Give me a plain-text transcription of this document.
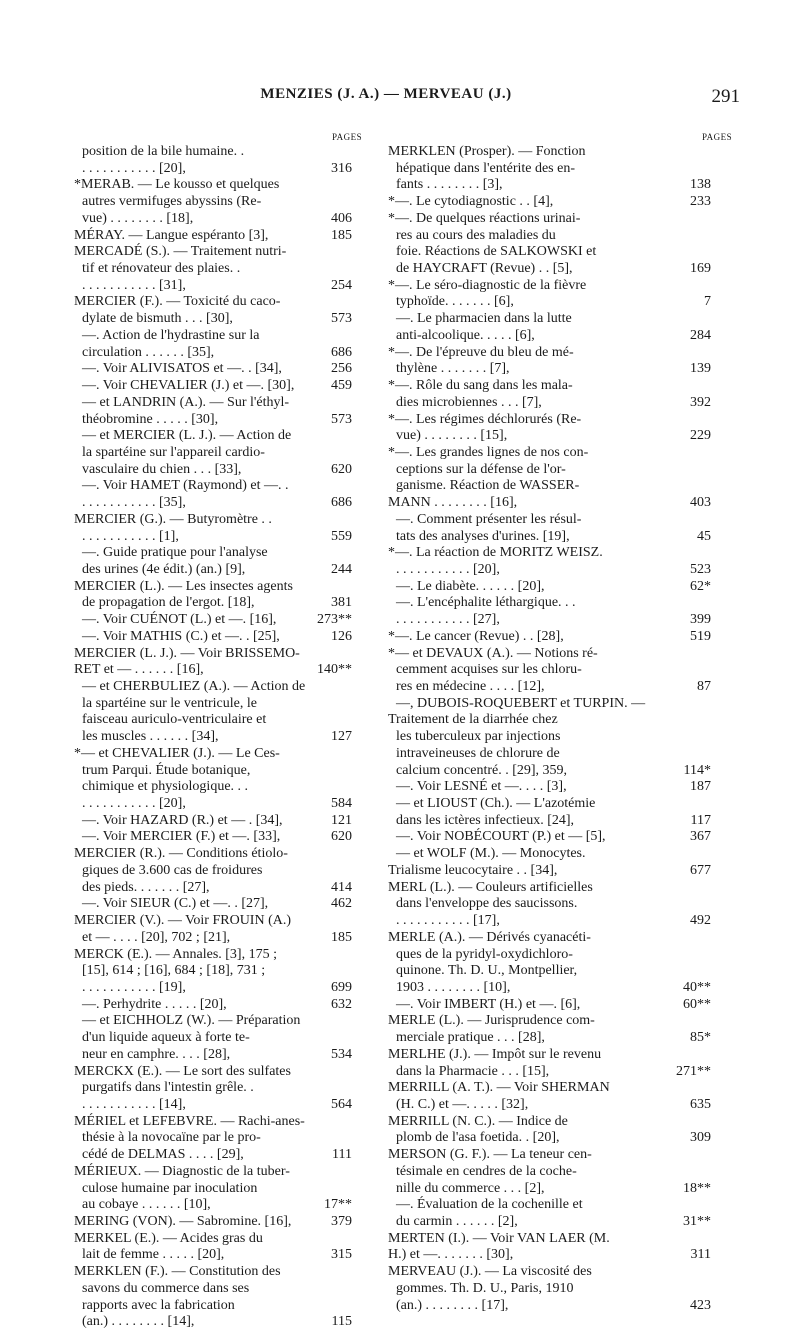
MENZIES (J. A.) — MERVEAU (J.)	291
PAGES
position de la bile humaine. .
. . . . . . . . . . . [20],	316
*MERAB. — Le kousso et quelques
autres vermifuges abyssins (Re-
vue) . . . . . . . . [18],	406
MÉRAY. — Langue espéranto [3],	185
MERCADÉ (S.). — Traitement nutri-
tif et rénovateur des plaies. .
. . . . . . . . . . . [31],	254
MERCIER (F.). — Toxicité du caco-
dylate de bismuth . . . [30],	573
—. Action de l'hydrastine sur la
circulation . . . . . . [35],	686
—. Voir ALIVISATOS et —. . [34],	256
—. Voir CHEVALIER (J.) et —. [30],	459
— et LANDRIN (A.). — Sur l'éthyl-
théobromine . . . . . [30],	573
— et MERCIER (L. J.). — Action de
la spartéine sur l'appareil cardio-
vasculaire du chien . . . [33],	620
—. Voir HAMET (Raymond) et —. .
. . . . . . . . . . . [35],	686
MERCIER (G.). — Butyromètre . .
. . . . . . . . . . . [1],	559
—. Guide pratique pour l'analyse
des urines (4e édit.) (an.) [9],	244
MERCIER (L.). — Les insectes agents
de propagation de l'ergot. [18],	381
—. Voir CUÉNOT (L.) et —. [16],	273**
—. Voir MATHIS (C.) et —. . [25],	126
MERCIER (L. J.). — Voir BRISSEMO-
RET et — . . . . . . [16],	140**
— et CHERBULIEZ (A.). — Action de
la spartéine sur le ventricule, le
faisceau auriculo-ventriculaire et
les muscles . . . . . . [34],	127
*— et CHEVALIER (J.). — Le Ces-
trum Parqui. Étude botanique,
chimique et physiologique. . .
. . . . . . . . . . . [20],	584
—. Voir HAZARD (R.) et — . [34],	121
—. Voir MERCIER (F.) et —. [33],	620
MERCIER (R.). — Conditions étiolo-
giques de 3.600 cas de froidures
des pieds. . . . . . . [27],	414
—. Voir SIEUR (C.) et —. . [27],	462
MERCIER (V.). — Voir FROUIN (A.)
et — . . . . [20], 702 ; [21],	185
MERCK (E.). — Annales. [3], 175 ;
[15], 614 ; [16], 684 ; [18], 731 ;
. . . . . . . . . . . [19],	699
—. Perhydrite . . . . . [20],	632
— et EICHHOLZ (W.). — Préparation
d'un liquide aqueux à forte te-
neur en camphre. . . . [28],	534
MERCKX (E.). — Le sort des sulfates
purgatifs dans l'intestin grêle. .
. . . . . . . . . . . [14],	564
MÉRIEL et LEFEBVRE. — Rachi-anes-
thésie à la novocaïne par le pro-
cédé de DELMAS . . . . [29],	111
MÉRIEUX. — Diagnostic de la tuber-
culose humaine par inoculation
au cobaye . . . . . . [10],	17**
MERING (VON). — Sabromine. [16],	379
MERKEL (E.). — Acides gras du
lait de femme . . . . . [20],	315
MERKLEN (F.). — Constitution des
savons du commerce dans ses
rapports avec la fabrication
(an.) . . . . . . . . [14],	115
PAGES
MERKLEN (Prosper). — Fonction
hépatique dans l'entérite des en-
fants . . . . . . . . [3],	138
*—. Le cytodiagnostic . . [4],	233
*—. De quelques réactions urinai-
res au cours des maladies du
foie. Réactions de SALKOWSKI et
de HAYCRAFT (Revue) . . [5],	169
*—. Le séro-diagnostic de la fièvre
typhoïde. . . . . . . [6],	7
—. Le pharmacien dans la lutte
anti-alcoolique. . . . . [6],	284
*—. De l'épreuve du bleu de mé-
thylène . . . . . . . [7],	139
*—. Rôle du sang dans les mala-
dies microbiennes . . . [7],	392
*—. Les régimes déchlorurés (Re-
vue) . . . . . . . . [15],	229
*—. Les grandes lignes de nos con-
ceptions sur la défense de l'or-
ganisme. Réaction de WASSER-
MANN . . . . . . . . [16],	403
—. Comment présenter les résul-
tats des analyses d'urines. [19],	45
*—. La réaction de MORITZ WEISZ.
. . . . . . . . . . . [20],	523
—. Le diabète. . . . . . [20],	62*
—. L'encéphalite léthargique. . .
. . . . . . . . . . . [27],	399
*—. Le cancer (Revue) . . [28],	519
*— et DEVAUX (A.). — Notions ré-
cemment acquises sur les chloru-
res en médecine . . . . [12],	87
—, DUBOIS-ROQUEBERT et TURPIN. —
Traitement de la diarrhée chez
les tuberculeux par injections
intraveineuses de chlorure de
calcium concentré. . [29], 359,	114*
—. Voir LESNÉ et —. . . . [3],	187
— et LIOUST (Ch.). — L'azotémie
dans les ictères infectieux. [24],	117
—. Voir NOBÉCOURT (P.) et — [5],	367
— et WOLF (M.). — Monocytes.
Trialisme leucocytaire . . [34],	677
MERL (L.). — Couleurs artificielles
dans l'enveloppe des saucissons.
. . . . . . . . . . . [17],	492
MERLE (A.). — Dérivés cyanacéti-
ques de la pyridyl-oxydichloro-
quinone. Th. D. U., Montpellier,
1903 . . . . . . . . [10],	40**
—. Voir IMBERT (H.) et —. [6],	60**
MERLE (L.). — Jurisprudence com-
merciale pratique . . . [28],	85*
MERLHE (J.). — Impôt sur le revenu
dans la Pharmacie . . . [15],	271**
MERRILL (A. T.). — Voir SHERMAN
(H. C.) et —. . . . . [32],	635
MERRILL (N. C.). — Indice de
plomb de l'asa foetida. . [20],	309
MERSON (G. F.). — La teneur cen-
tésimale en cendres de la coche-
nille du commerce . . . [2],	18**
—. Évaluation de la cochenille et
du carmin . . . . . . [2],	31**
MERTEN (I.). — Voir VAN LAER (M.
H.) et —. . . . . . . [30],	311
MERVEAU (J.). — La viscosité des
gommes. Th. D. U., Paris, 1910
(an.) . . . . . . . . [17],	423
